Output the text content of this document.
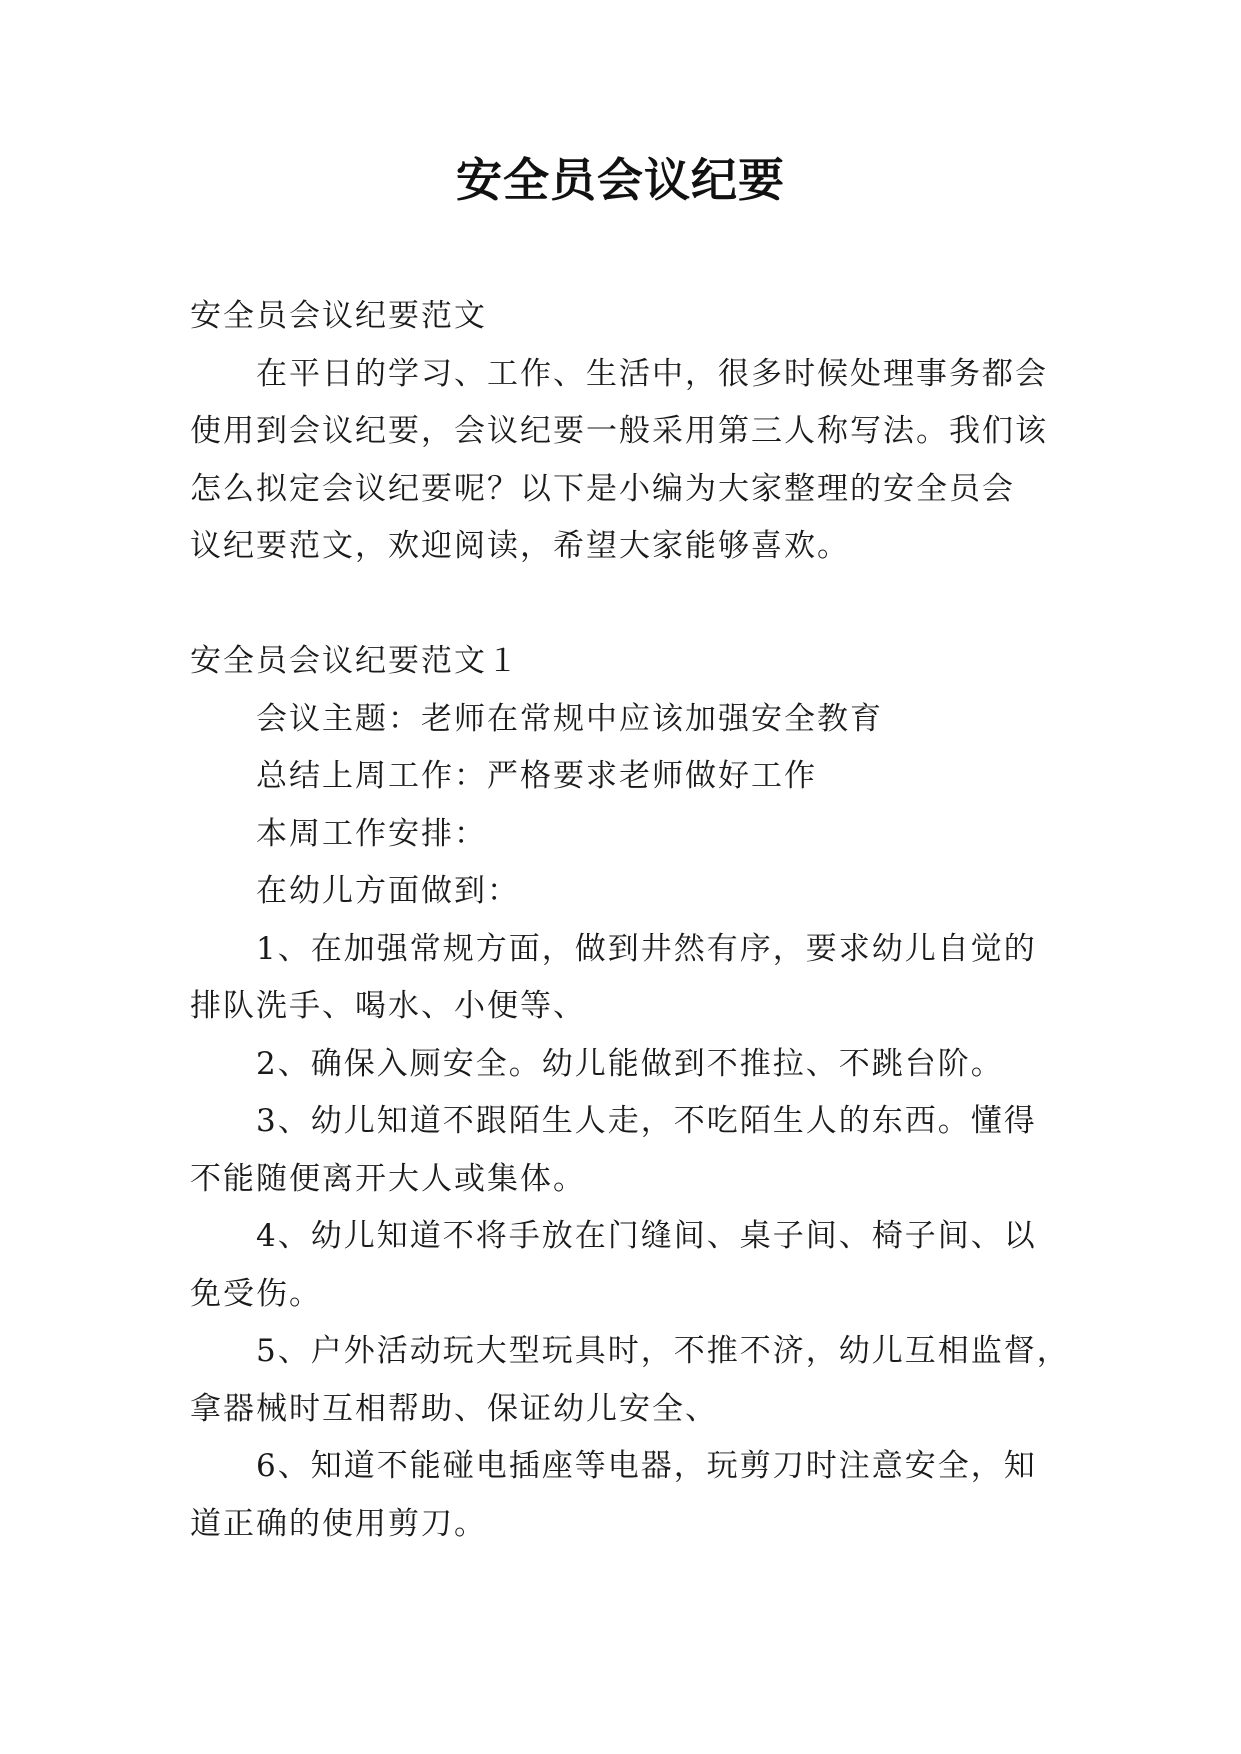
安全员会议纪要

安全员会议纪要范文

在平日的学习、工作、生活中，很多时候处理事务都会

使用到会议纪要，会议纪要一般采用第三人称写法。我们该

怎么拟定会议纪要呢？以下是小编为大家整理的安全员会

议纪要范文，欢迎阅读，希望大家能够喜欢。

安全员会议纪要范文１

会议主题：老师在常规中应该加强安全教育

总结上周工作：严格要求老师做好工作

本周工作安排：

在幼儿方面做到：

1、在加强常规方面，做到井然有序，要求幼儿自觉的

排队洗手、喝水、小便等、

2、确保入厕安全。幼儿能做到不推拉、不跳台阶。

3、幼儿知道不跟陌生人走，不吃陌生人的东西。懂得

不能随便离开大人或集体。

4、幼儿知道不将手放在门缝间、桌子间、椅子间、以

免受伤。

5、户外活动玩大型玩具时，不推不济，幼儿互相监督，

拿器械时互相帮助、保证幼儿安全、

6、知道不能碰电插座等电器，玩剪刀时注意安全，知

道正确的使用剪刀。
